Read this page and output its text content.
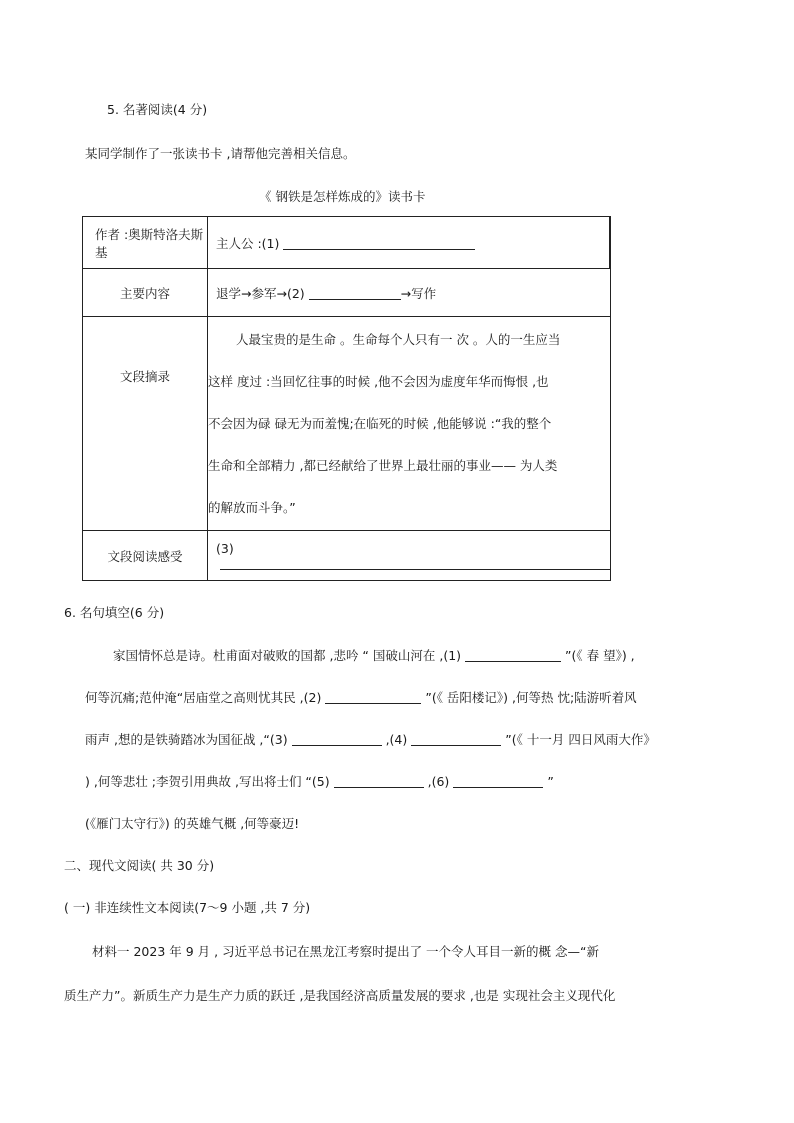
5. 名著阅读(4 分)
某同学制作了一张读书卡 ,请帮他完善相关信息。
《 钢铁是怎样炼成的》读书卡
作者 :奥斯特洛夫斯基	主人公 :(1)	
主要内容	退学→参军→(2) →写作	
文段摘录	人最宝贵的是生命 。生命每个人只有一 次 。人的一生应当
这样 度过 :当回忆往事的时候 ,他不会因为虚度年华而悔恨 ,也
不会因为碌 碌无为而羞愧;在临死的时候 ,他能够说 :“我的整个
生命和全部精力 ,都已经献给了世界上最壮丽的事业—— 为人类
的解放而斗争。”	

文段阅读感受	(3)	
6. 名句填空(6 分)
家国情怀总是诗。杜甫面对破败的国都 ,悲吟 “ 国破山河在 ,(1)	”(《 春 望》) ,
何等沉痛;范仲淹“居庙堂之高则忧其民 ,(2)	”(《 岳阳楼记》) ,何等热 忱;陆游听着风
雨声 ,想的是铁骑踏冰为国征战 ,“(3)	,(4)	”(《 十一月 四日风雨大作》
) ,何等悲壮 ;李贺引用典故 ,写出将士们 “(5)	,(6)	”
(《雁门太守行》) 的英雄气概 ,何等豪迈!
二、现代文阅读( 共 30 分)
( 一) 非连续性文本阅读(7～9 小题 ,共 7 分)
材料一 2023 年 9 月 , 习近平总书记在黑龙江考察时提出了 一个令人耳目一新的概 念—“新
质生产力”。新质生产力是生产力质的跃迁 ,是我国经济高质量发展的要求 ,也是 实现社会主义现代化
